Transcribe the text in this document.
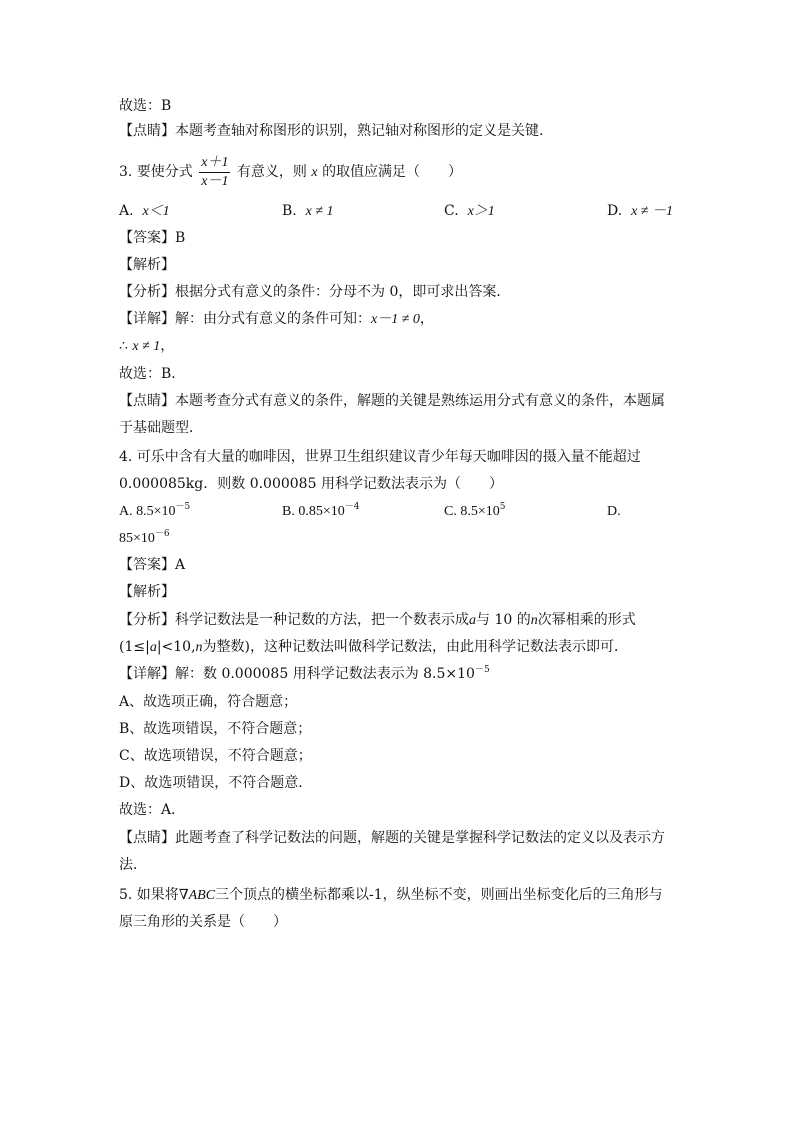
故选：B
【点睛】本题考查轴对称图形的识别，熟记轴对称图形的定义是关键.
3. 要使分式 $\frac{x+1}{x-1}$ 有意义，则 x 的取值应满足（　　）
A. x＜1	B. x ≠ 1	C. x＞1	D. x ≠ －1
【答案】B
【解析】
【分析】根据分式有意义的条件：分母不为 0，即可求出答案．
【详解】解：由分式有意义的条件可知：x－1 ≠ 0，
∴ x ≠ 1，
故选：B．
【点睛】本题考查分式有意义的条件，解题的关键是熟练运用分式有意义的条件，本题属
于基础题型．
4. 可乐中含有大量的咖啡因，世界卫生组织建议青少年每天咖啡因的摄入量不能超过
0.000085kg．则数 0.000085 用科学记数法表示为（　　）
A. $8.5\times 10^{-5}$	B. $0.85\times 10^{-4}$	C. $8.5\times 10^5$	D.
$85\times 10^{-6}$
【答案】A
【解析】
【分析】科学记数法是一种记数的方法，把一个数表示成a与 10 的n次幂相乘的形式
(1≤|a|<10,n为整数)，这种记数法叫做科学记数法，由此用科学记数法表示即可．
【详解】解：数 0.000085 用科学记数法表示为 $8.5\times 10^{-5}$
A、故选项正确，符合题意；
B、故选项错误，不符合题意；
C、故选项错误，不符合题意；
D、故选项错误，不符合题意．
故选：A．
【点睛】此题考查了科学记数法的问题，解题的关键是掌握科学记数法的定义以及表示方
法．
5. 如果将∇ABC三个顶点的横坐标都乘以-1，纵坐标不变，则画出坐标变化后的三角形与
原三角形的关系是（　　）
